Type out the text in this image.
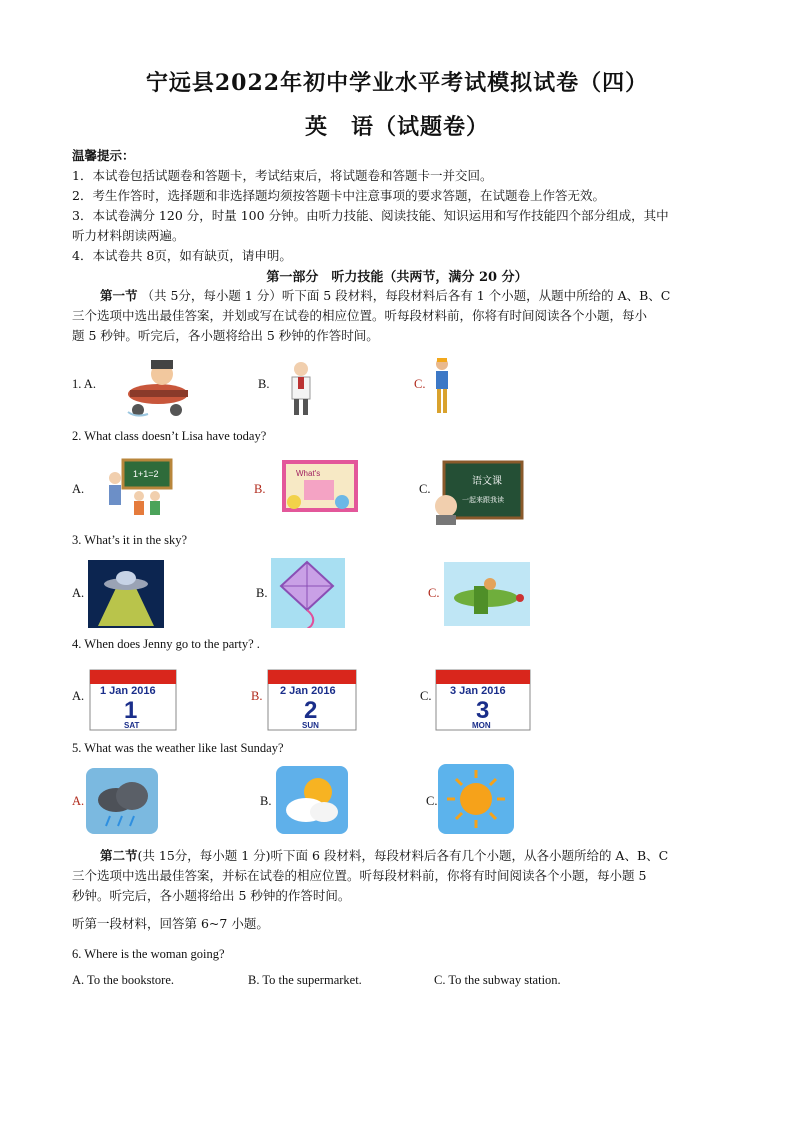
宁远县2022年初中学业水平考试模拟试卷（四）
英　语（试题卷）
温馨提示：
1．本试卷包括试题卷和答题卡，考试结束后，将试题卷和答题卡一并交回。
2．考生作答时，选择题和非选择题均须按答题卡中注意事项的要求答题，在试题卷上作答无效。
3．本试卷满分 120 分，时量 100 分钟。由听力技能、阅读技能、知识运用和写作技能四个部分组成，其中
听力材料朗读两遍。
4．本试卷共 8页，如有缺页，请申明。
第一部分　听力技能（共两节，满分 20 分）
第一节 （共 5分，每小题 1 分）听下面 5 段材料，每段材料后各有 1 个小题，从题中所给的 A、B、C
三个选项中选出最佳答案，并划或写在试卷的相应位置。听每段材料前，你将有时间阅读各个小题，每小
题 5 秒钟。听完后，各小题将给出 5 秒钟的作答时间。
1. A.	B.	C.
2. What class doesn’t Lisa have today?
A.
1+1=2
B.
What's
C.
语文课
一起来跟我读
3. What’s it in the sky?
A.	B.	C.
4. When does Jenny go to the party? .
A. 1 Jan 2016
1
SAT
B. 2 Jan 2016
2
SUN
C. 3 Jan 2016
3
MON
5. What was the weather like last Sunday?
A.	B.	C.
第二节(共 15分，每小题 1 分)听下面 6 段材料，每段材料后各有几个小题，从各小题所给的 A、B、C
三个选项中选出最佳答案，并标在试卷的相应位置。听每段材料前，你将有时间阅读各个小题，每小题 5
秒钟。听完后，各小题将给出 5 秒钟的作答时间。
听第一段材料，回答第 6~7 小题。
6. Where is the woman going?
A. To the bookstore.	B. To the supermarket.	C. To the subway station.
